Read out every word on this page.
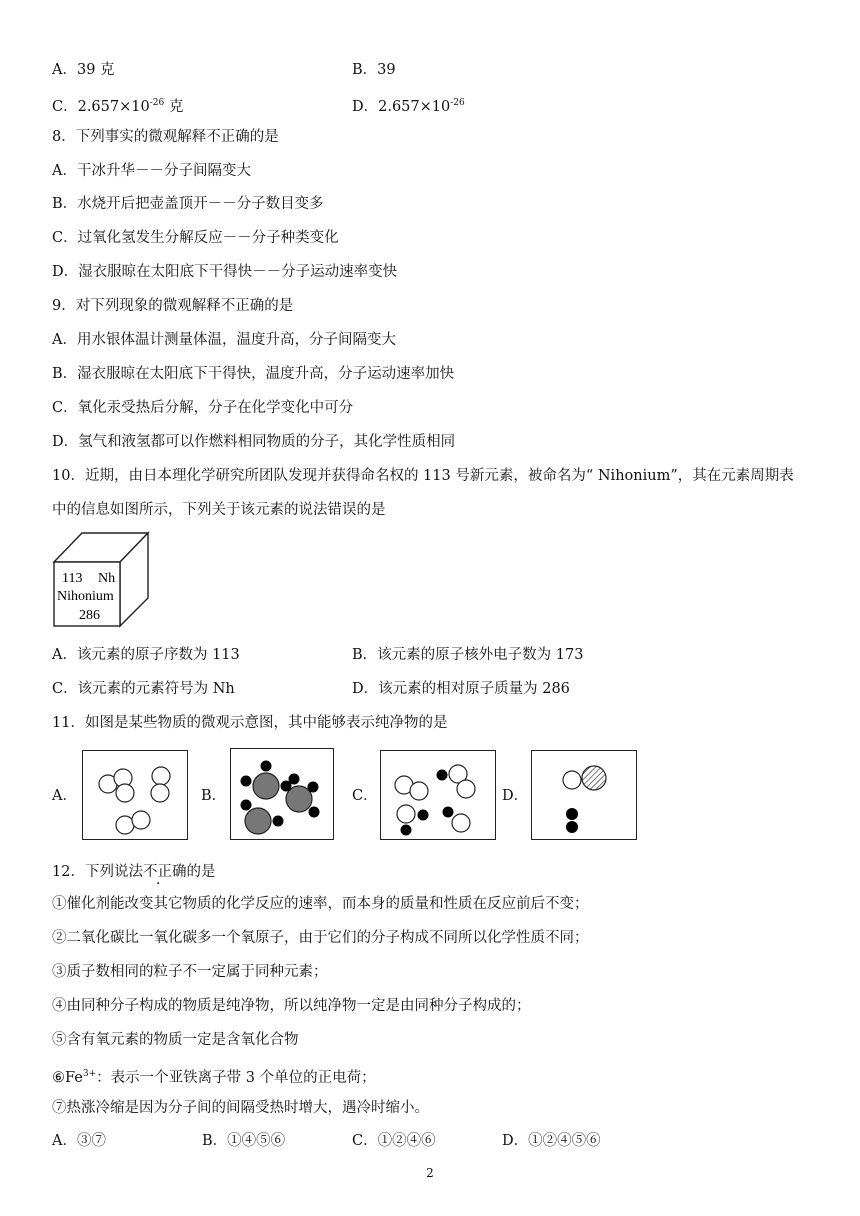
A．39 克	B．39
C．$2.657\times 10^{-26}$ 克	D．$2.657\times 10^{-26}$
8．下列事实的微观解释不正确的是
A．干冰升华－－分子间隔变大
B．水烧开后把壶盖顶开－－分子数目变多
C．过氧化氢发生分解反应－－分子种类变化
D．湿衣服晾在太阳底下干得快－－分子运动速率变快
9．对下列现象的微观解释不正确的是
A．用水银体温计测量体温，温度升高，分子间隔变大
B．湿衣服晾在太阳底下干得快，温度升高，分子运动速率加快
C．氧化汞受热后分解，分子在化学变化中可分
D．氢气和液氢都可以作燃料相同物质的分子，其化学性质相同
10．近期，由日本理化学研究所团队发现并获得命名权的 113 号新元素，被命名为“ Nihonium”，其在元素周期表
中的信息如图所示，下列关于该元素的说法错误的是
113 Nh
Nihonium
286
A．该元素的原子序数为 113	B．该元素的原子核外电子数为 173
C．该元素的元素符号为 Nh	D．该元素的相对原子质量为 286
11．如图是某些物质的微观示意图，其中能够表示纯净物的是
A．	B．	C．	D．
12．下列说法不正确的是
①催化剂能改变其它物质的化学反应的速率，而本身的质量和性质在反应前后不变；
②二氧化碳比一氧化碳多一个氧原子，由于它们的分子构成不同所以化学性质不同；
③质子数相同的粒子不一定属于同种元素；
④由同种分子构成的物质是纯净物，所以纯净物一定是由同种分子构成的；
⑤含有氧元素的物质一定是含氧化合物
$⑥Fe^{3+}$：表示一个亚铁离子带 3 个单位的正电荷；
⑦热涨冷缩是因为分子间的间隔受热时增大，遇冷时缩小。
A．③⑦	B．①④⑤⑥	C．①②④⑥	D．①②④⑤⑥
2
